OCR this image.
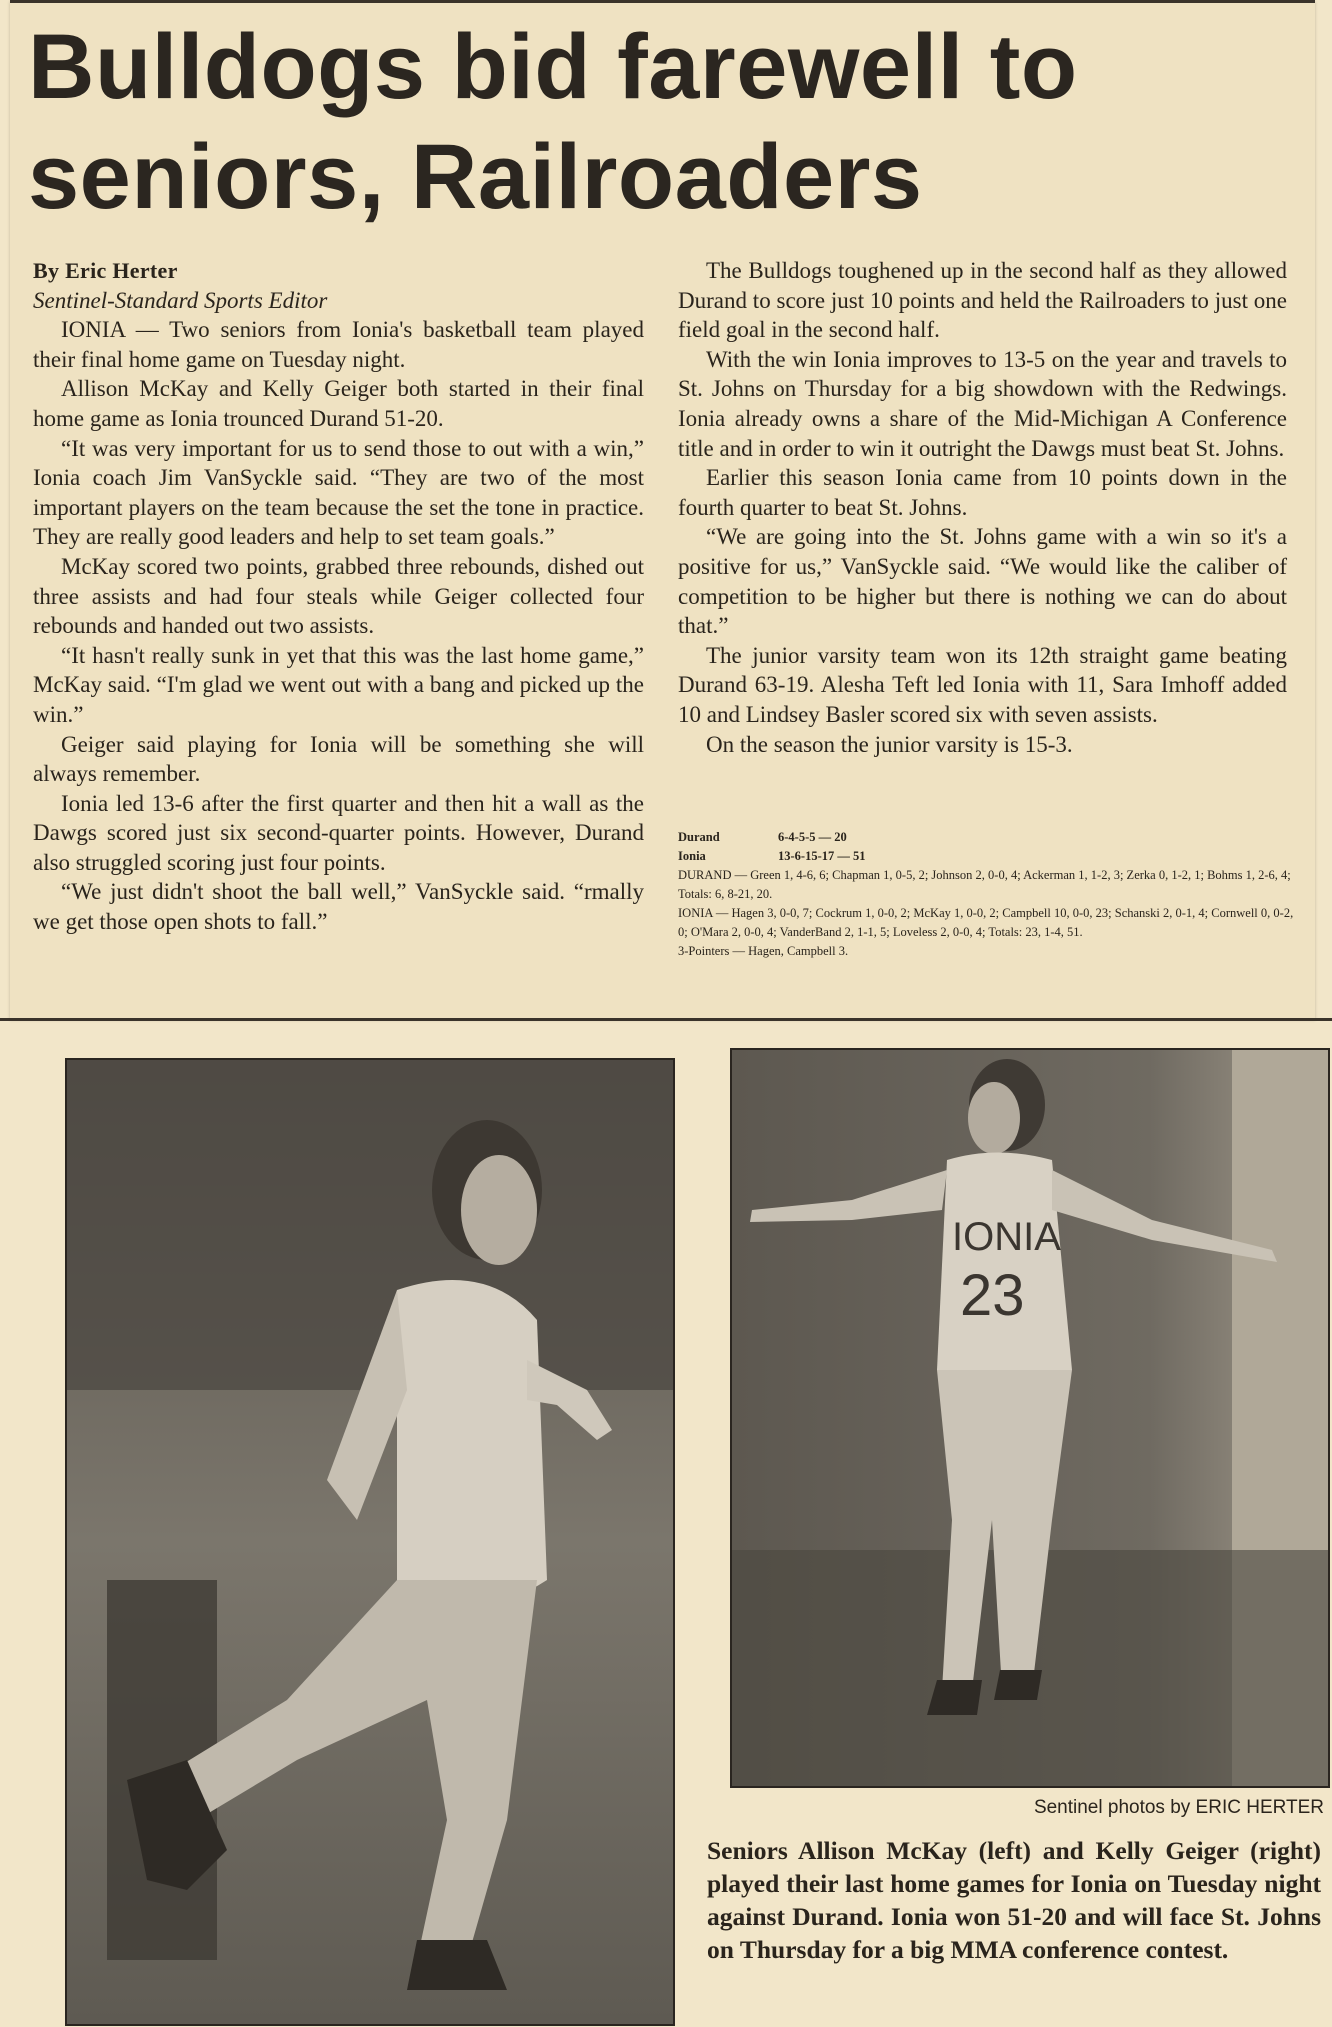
Bulldogs bid farewell to seniors, Railroaders
By Eric Herter
Sentinel-Standard Sports Editor

IONIA — Two seniors from Ionia's basketball team played their final home game on Tuesday night.

Allison McKay and Kelly Geiger both started in their final home game as Ionia trounced Durand 51-20.

“It was very important for us to send those to out with a win,” Ionia coach Jim VanSyckle said. “They are two of the most important players on the team because the set the tone in practice. They are really good leaders and help to set team goals.”

McKay scored two points, grabbed three rebounds, dished out three assists and had four steals while Geiger collected four rebounds and handed out two assists.

“It hasn't really sunk in yet that this was the last home game,” McKay said. “I'm glad we went out with a bang and picked up the win.”

Geiger said playing for Ionia will be something she will always remember.

Ionia led 13-6 after the first quarter and then hit a wall as the Dawgs scored just six second-quarter points. However, Durand also struggled scoring just four points.

“We just didn't shoot the ball well,” VanSyckle said. “rmally we get those open shots to fall.”

The Bulldogs toughened up in the second half as they allowed Durand to score just 10 points and held the Railroaders to just one field goal in the second half.

With the win Ionia improves to 13-5 on the year and travels to St. Johns on Thursday for a big showdown with the Redwings. Ionia already owns a share of the Mid-Michigan A Conference title and in order to win it outright the Dawgs must beat St. Johns.

Earlier this season Ionia came from 10 points down in the fourth quarter to beat St. Johns.

“We are going into the St. Johns game with a win so it's a positive for us,” VanSyckle said. “We would like the caliber of competition to be higher but there is nothing we can do about that.”

The junior varsity team won its 12th straight game beating Durand 63-19. Alesha Teft led Ionia with 11, Sara Imhoff added 10 and Lindsey Basler scored six with seven assists.

On the season the junior varsity is 15-3.

Durand	6-4-5-5 — 20
Ionia	13-6-15-17 — 51

DURAND — Green 1, 4-6, 6; Chapman 1, 0-5, 2; Johnson 2, 0-0, 4; Ackerman 1, 1-2, 3; Zerka 0, 1-2, 1; Bohms 1, 2-6, 4; Totals: 6, 8-21, 20.

IONIA — Hagen 3, 0-0, 7; Cockrum 1, 0-0, 2; McKay 1, 0-0, 2; Campbell 10, 0-0, 23; Schanski 2, 0-1, 4; Cornwell 0, 0-2, 0; O'Mara 2, 0-0, 4; VanderBand 2, 1-1, 5; Loveless 2, 0-0, 4; Totals: 23, 1-4, 51.

3-Pointers — Hagen, Campbell 3.

IONIA
23
Sentinel photos by ERIC HERTER
Seniors Allison McKay (left) and Kelly Geiger (right) played their last home games for Ionia on Tuesday night against Durand. Ionia won 51-20 and will face St. Johns on Thursday for a big MMA conference contest.
